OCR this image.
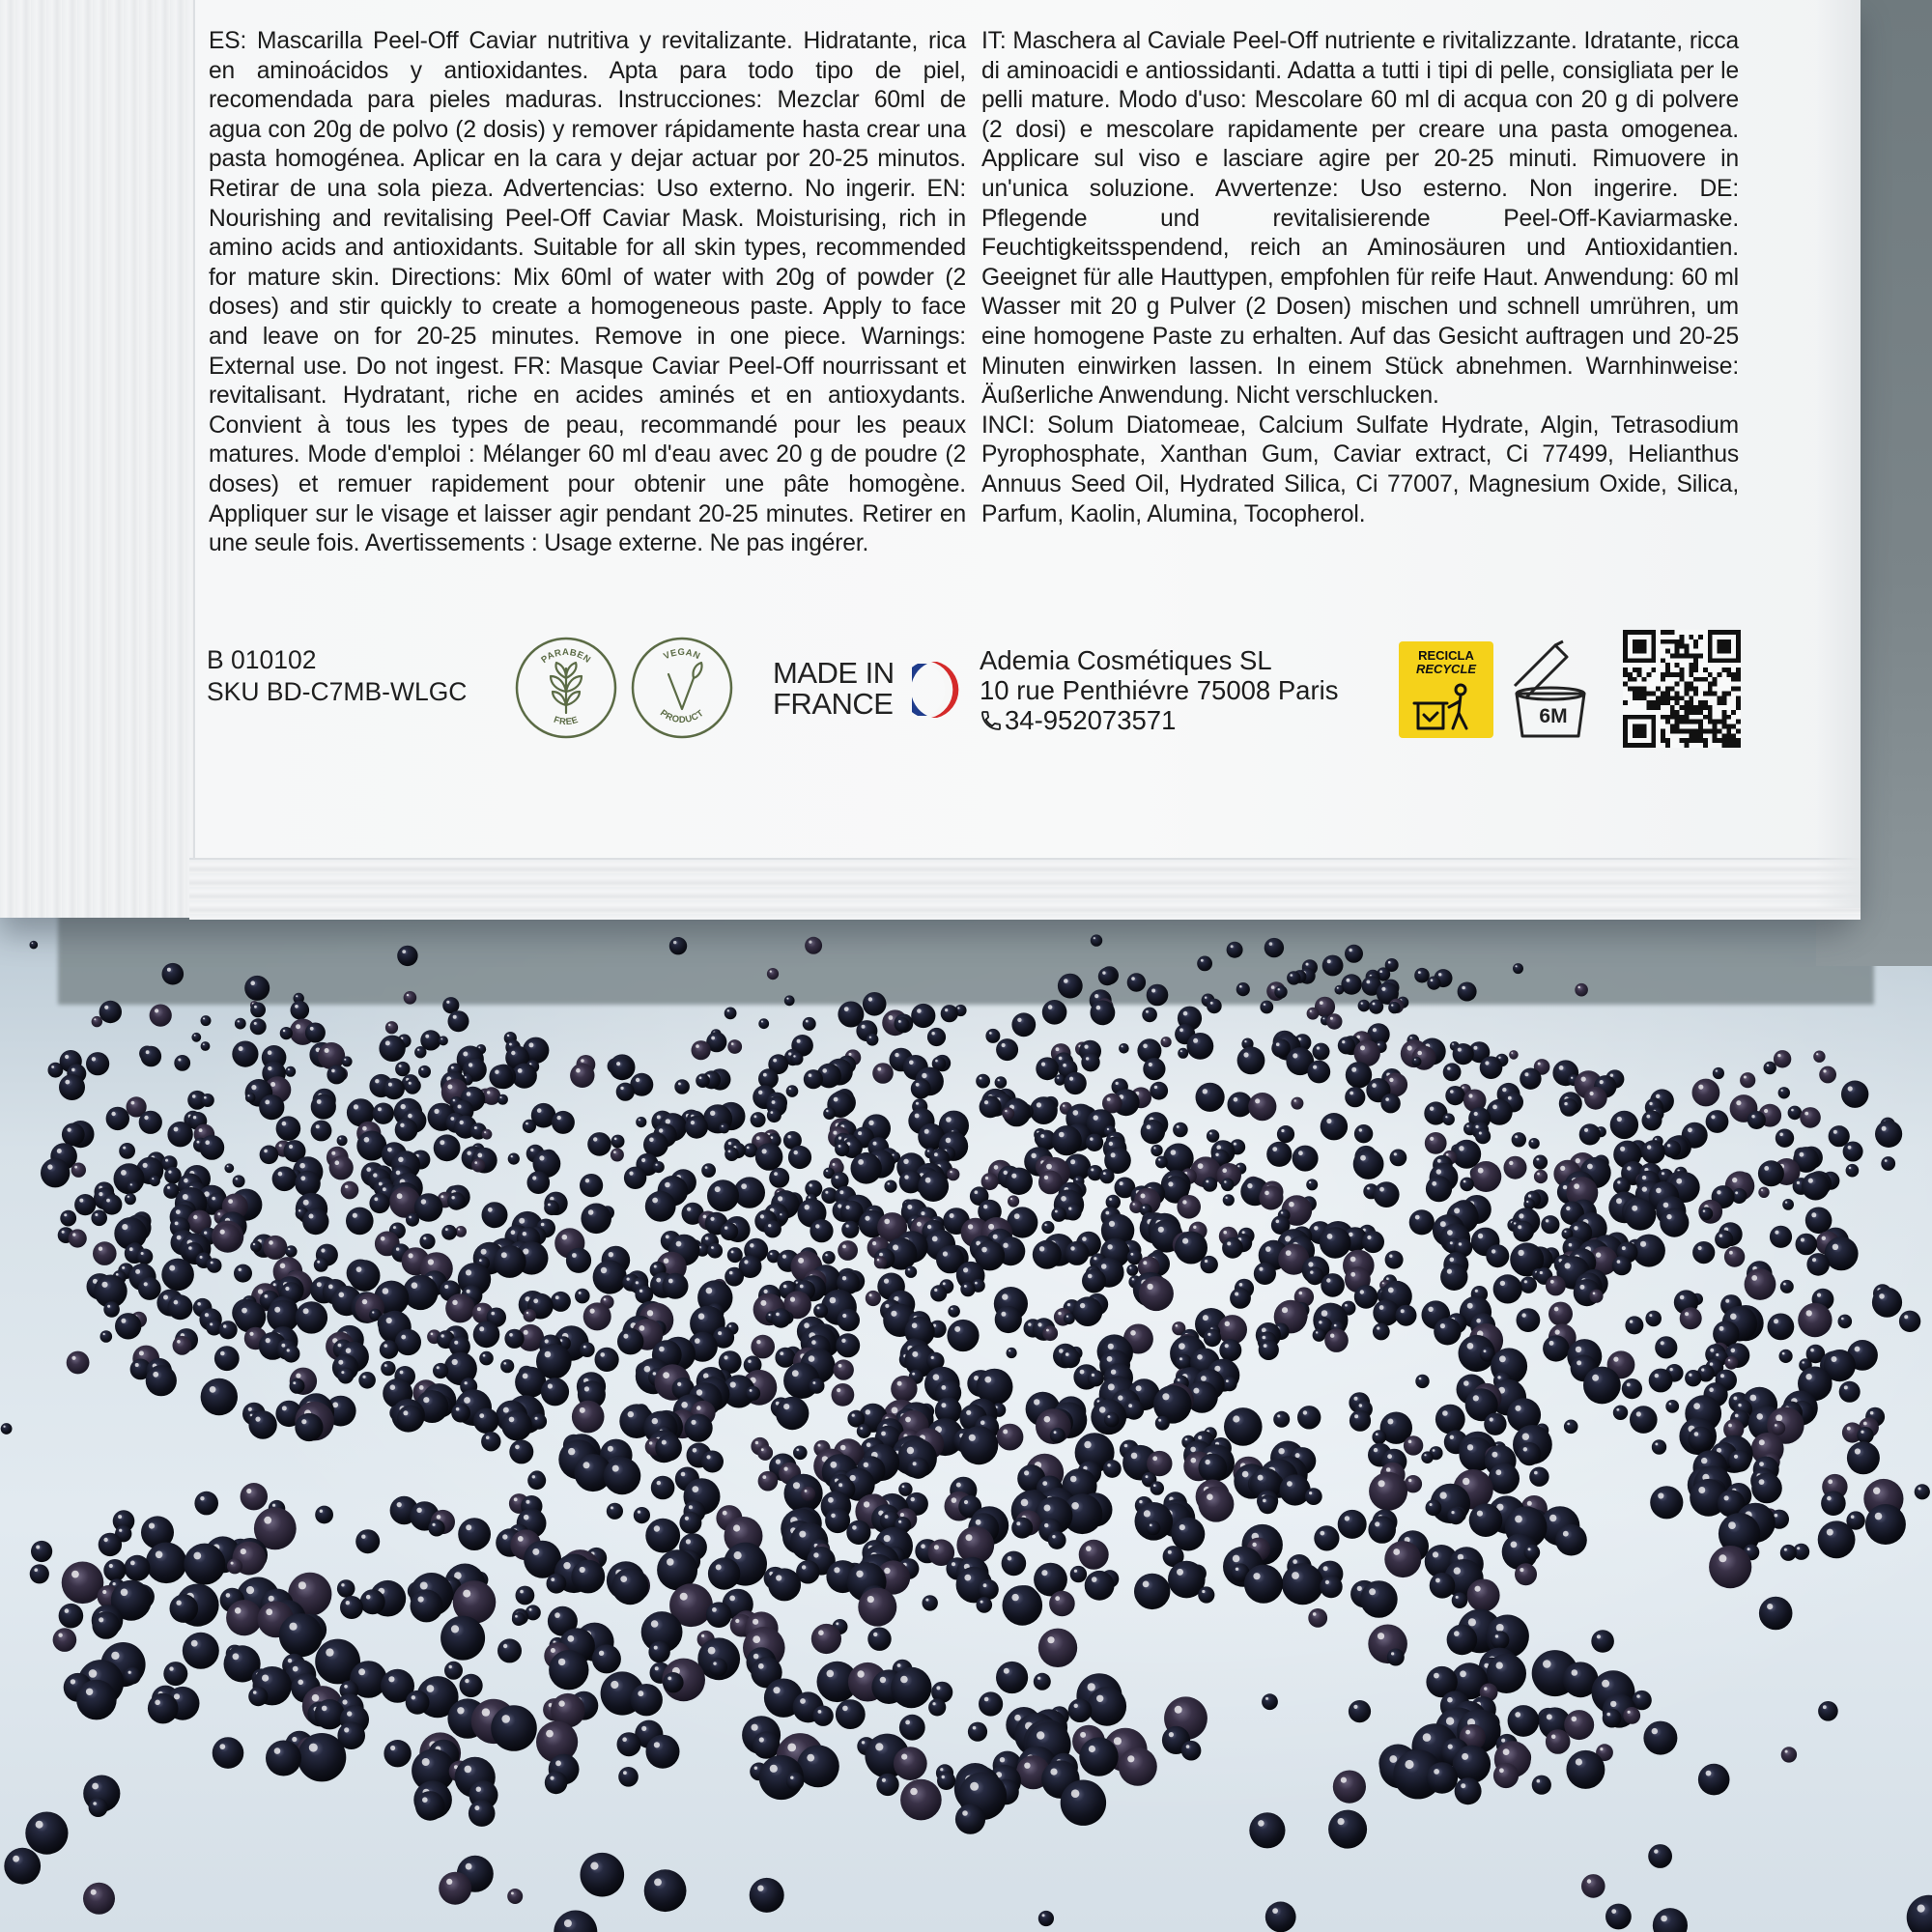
ES: Mascarilla Peel-Off Caviar nutritiva y revitalizante. Hidratante, rica en aminoácidos y antioxidantes. Apta para todo tipo de piel, recomendada para pieles maduras. Instrucciones: Mezclar 60ml de agua con 20g de polvo (2 dosis) y remover rápidamente hasta crear una pasta homogénea. Aplicar en la cara y dejar actuar por 20-25 minutos. Retirar de una sola pieza. Advertencias: Uso externo. No ingerir. EN: Nourishing and revitalising Peel-Off Caviar Mask. Moisturising, rich in amino acids and antioxidants. Suitable for all skin types, recommended for mature skin. Directions: Mix 60ml of water with 20g of powder (2 doses) and stir quickly to create a homogeneous paste. Apply to face and leave on for 20-25 minutes. Remove in one piece. Warnings: External use. Do not ingest. FR: Masque Caviar Peel-Off nourrissant et revitalisant. Hydratant, riche en acides aminés et en antioxydants. Convient à tous les types de peau, recommandé pour les peaux matures. Mode d'emploi : Mélanger 60 ml d'eau avec 20 g de poudre (2 doses) et remuer rapidement pour obtenir une pâte homogène. Appliquer sur le visage et laisser agir pendant 20-25 minutes. Retirer en une seule fois. Avertissements : Usage externe. Ne pas ingérer.

IT: Maschera al Caviale Peel-Off nutriente e rivitalizzante. Idratante, ricca di aminoacidi e antiossidanti. Adatta a tutti i tipi di pelle, consigliata per le pelli mature. Modo d'uso: Mescolare 60 ml di acqua con 20 g di polvere (2 dosi) e mescolare rapidamente per creare una pasta omogenea. Applicare sul viso e lasciare agire per 20-25 minuti. Rimuovere in un'unica soluzione. Avvertenze: Uso esterno. Non ingerire. DE: Pflegende und revitalisierende Peel-Off-Kaviarmaske. Feuchtigkeitsspendend, reich an Aminosäuren und Antioxidantien. Geeignet für alle Hauttypen, empfohlen für reife Haut. Anwendung: 60 ml Wasser mit 20 g Pulver (2 Dosen) mischen und schnell umrühren, um eine homogene Paste zu erhalten. Auf das Gesicht auftragen und 20-25 Minuten einwirken lassen. In einem Stück abnehmen. Warnhinweise: Äußerliche Anwendung. Nicht verschlucken.

INCI: Solum Diatomeae, Calcium Sulfate Hydrate, Algin, Tetrasodium Pyrophosphate, Xanthan Gum, Caviar extract, Ci 77499, Helianthus Annuus Seed Oil, Hydrated Silica, Ci 77007, Magnesium Oxide, Silica, Parfum, Kaolin, Alumina, Tocopherol.

B 010102
SKU BD-C7MB-WLGC
PARABEN
FREE
VEGAN
PRODUCT
MADE IN
FRANCE
Ademia Cosmétiques SL
10 rue Penthiévre 75008 Paris
34-952073571
RECICLA
RECYCLE
6M
